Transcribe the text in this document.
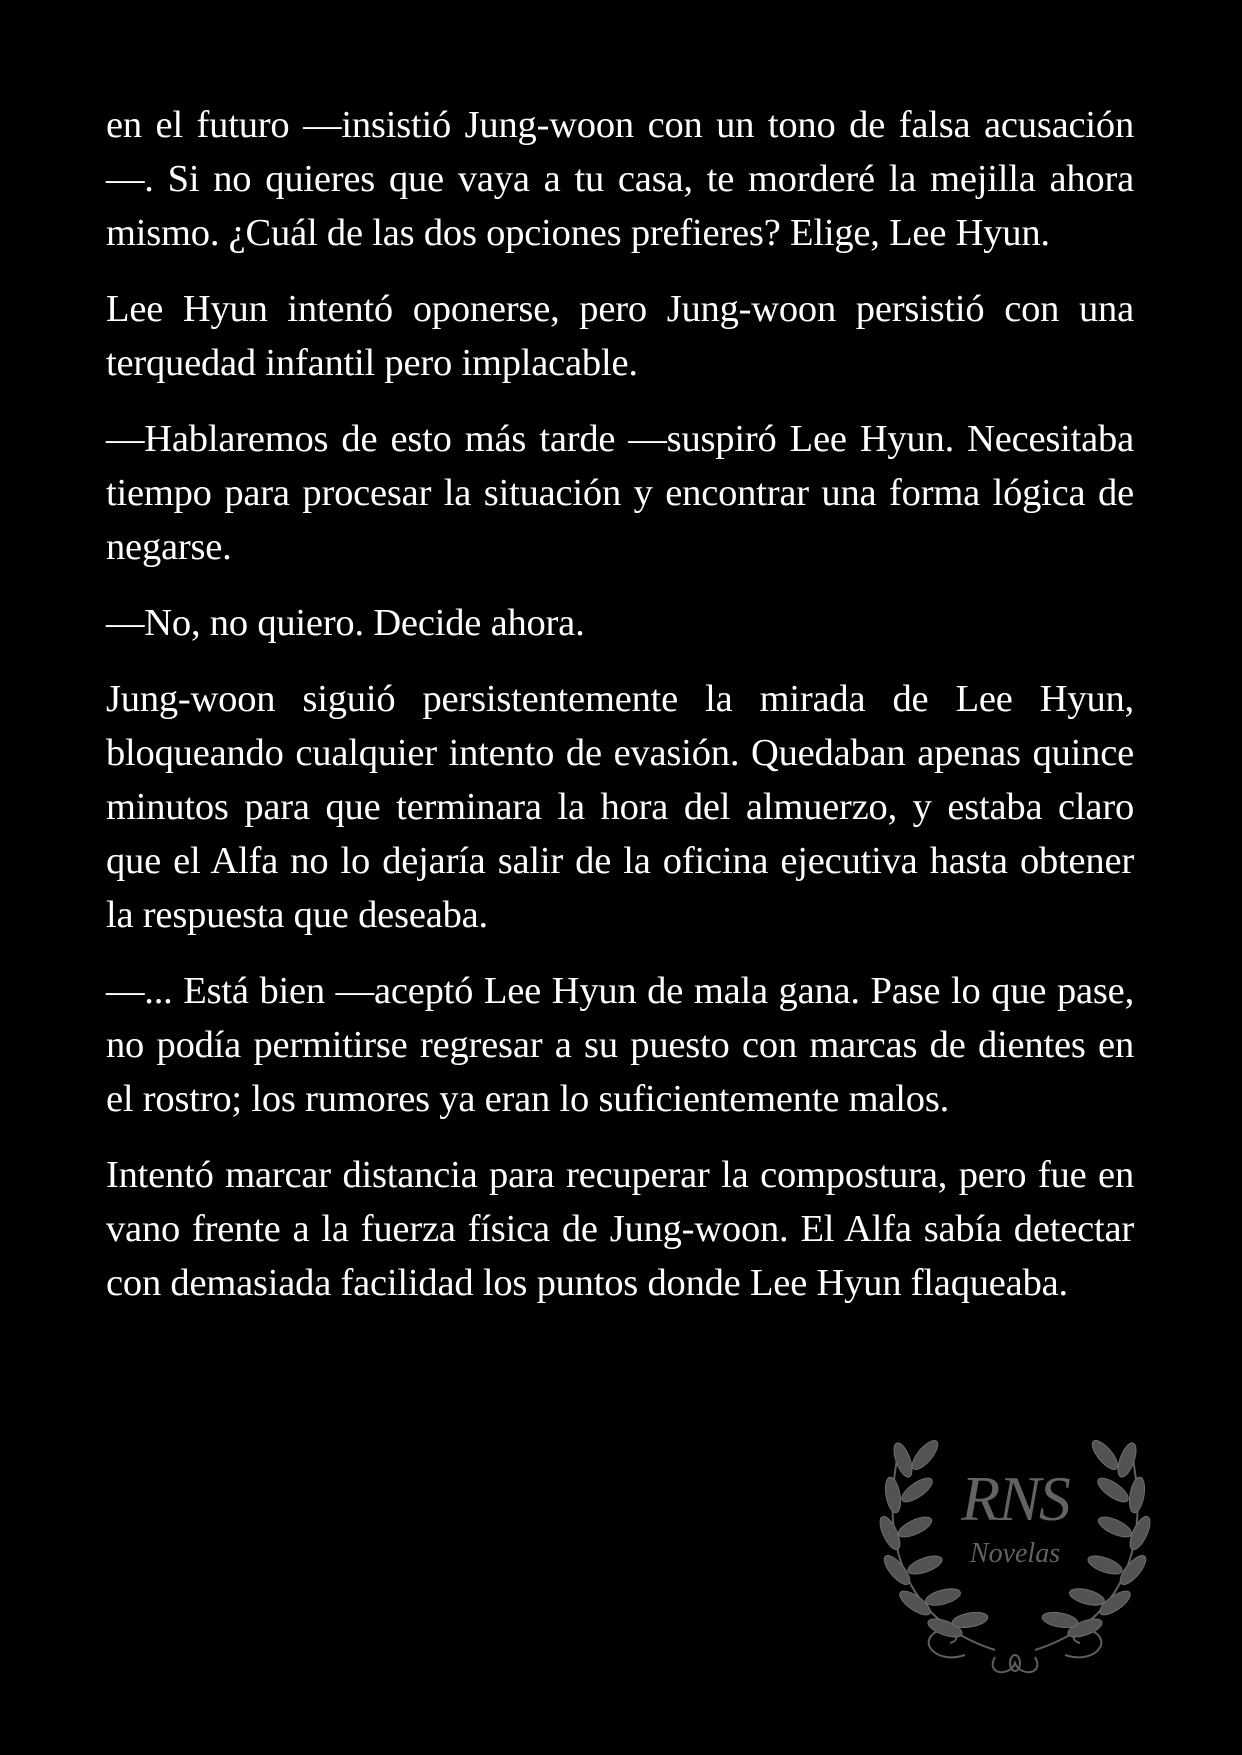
en el futuro —insistió Jung-woon con un tono de falsa acusación—. Si no quieres que vaya a tu casa, te morderé la mejilla ahora mismo. ¿Cuál de las dos opciones prefieres? Elige, Lee Hyun.

Lee Hyun intentó oponerse, pero Jung-woon persistió con una terquedad infantil pero implacable.

—Hablaremos de esto más tarde —suspiró Lee Hyun. Necesitaba tiempo para procesar la situación y encontrar una forma lógica de negarse.

—No, no quiero. Decide ahora.

Jung-woon siguió persistentemente la mirada de Lee Hyun, bloqueando cualquier intento de evasión. Quedaban apenas quince minutos para que terminara la hora del almuerzo, y estaba claro que el Alfa no lo dejaría salir de la oficina ejecutiva hasta obtener la respuesta que deseaba.

—... Está bien —aceptó Lee Hyun de mala gana. Pase lo que pase, no podía permitirse regresar a su puesto con marcas de dientes en el rostro; los rumores ya eran lo suficientemente malos.

Intentó marcar distancia para recuperar la compostura, pero fue en vano frente a la fuerza física de Jung-woon. El Alfa sabía detectar con demasiada facilidad los puntos donde Lee Hyun flaqueaba.

RNS
Novelas
